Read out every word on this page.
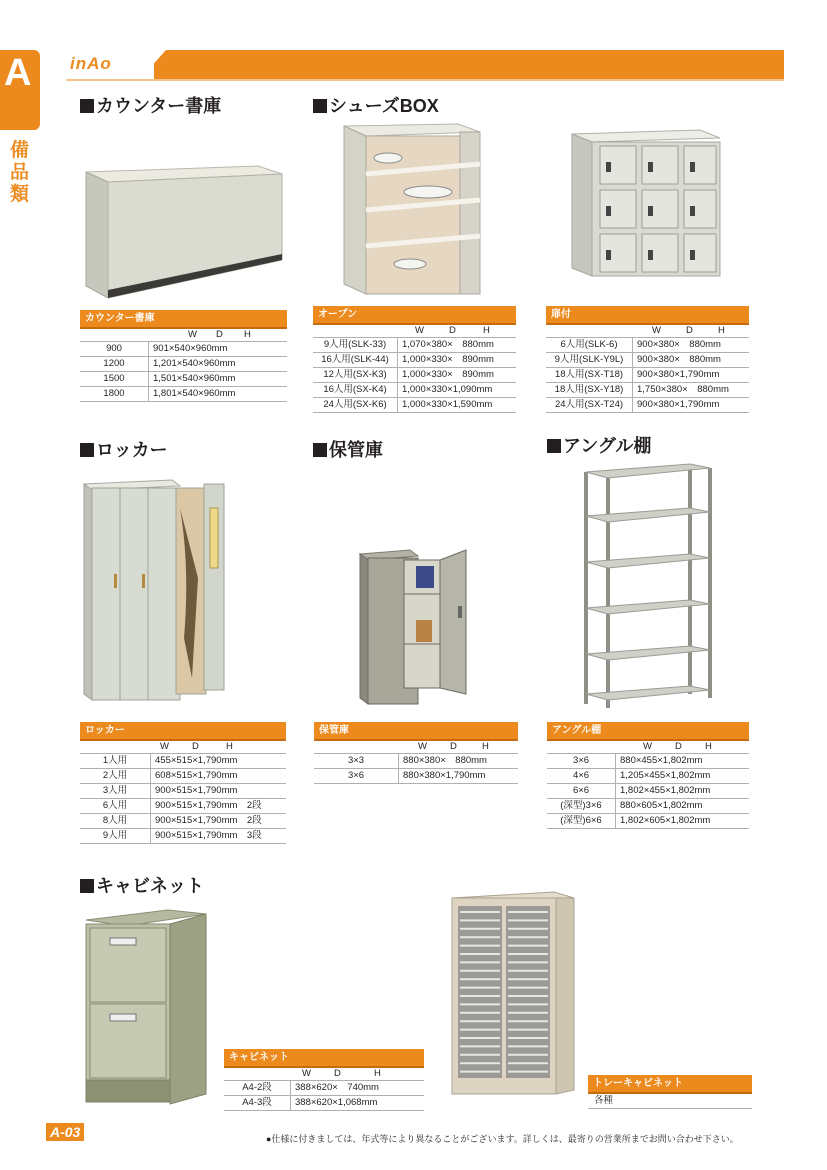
inAo
A
備品類
カウンター書庫
カウンター書庫
W D H
900	901×540×960mm
1200	1,201×540×960mm
1500	1,501×540×960mm
1800	1,801×540×960mm
シューズBOX
オープン
W	D	H
9人用(SLK-33)	1,070×380×　880mm
16人用(SLK-44)	1,000×330×　890mm
12人用(SX-K3)	1,000×330×　890mm
16人用(SX-K4)	1,000×330×1,090mm
24人用(SX-K6)	1,000×330×1,590mm
扉付
W	D	H
6人用(SLK-6)	900×380×　880mm
9人用(SLK-Y9L)	900×380×　880mm
18人用(SX-T18)	900×380×1,790mm
18人用(SX-Y18)	1,750×380×　880mm
24人用(SX-T24)	900×380×1,790mm
ロッカー
ロッカー
W D	H
1人用	455×515×1,790mm
2人用	608×515×1,790mm
3人用	900×515×1,790mm
6人用	900×515×1,790mm　2段
8人用	900×515×1,790mm　2段
9人用	900×515×1,790mm　3段
保管庫
保管庫
W D	H
3×3	880×380×　880mm
3×6	880×380×1,790mm
アングル棚
アングル棚
W D H
3×6	880×455×1,802mm
4×6	1,205×455×1,802mm
6×6	1,802×455×1,802mm
(深型)3×6	880×605×1,802mm
(深型)6×6	1,802×605×1,802mm
キャビネット
キャビネット
W D	H
A4-2段	388×620×　740mm
A4-3段	388×620×1,068mm
トレーキャビネット
各種
A-03	●仕様に付きましては、年式等により異なることがございます。詳しくは、最寄りの営業所までお問い合わせ下さい。
